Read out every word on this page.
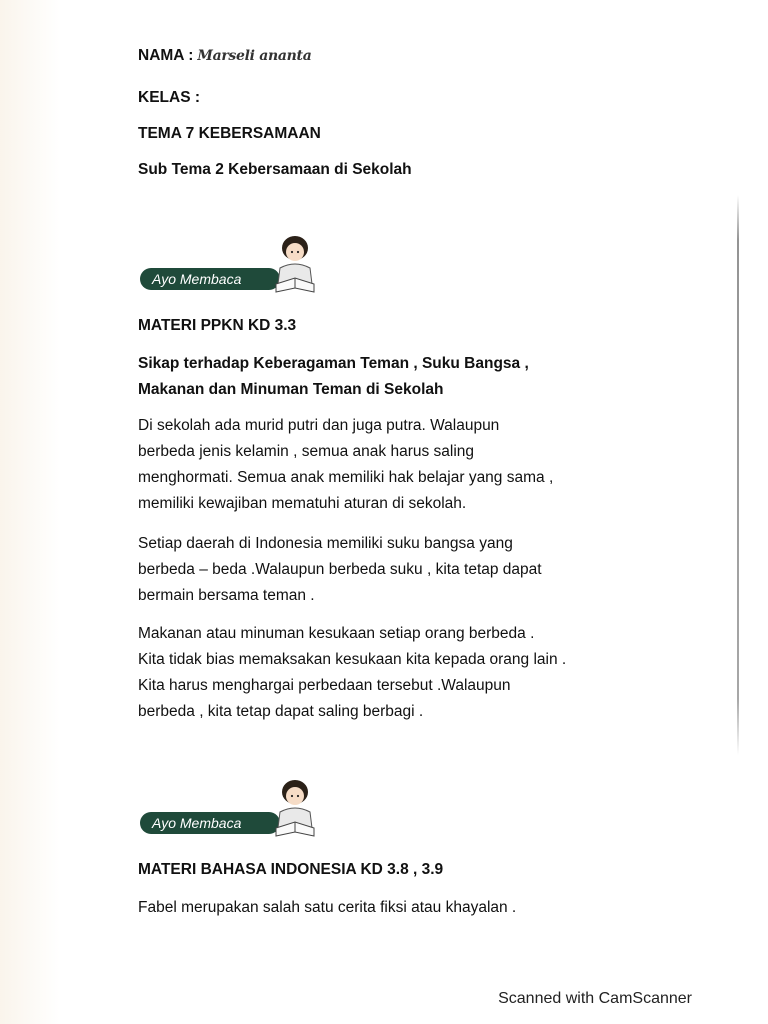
NAMA : Marseli ananta
KELAS :
TEMA 7 KEBERSAMAAN
Sub Tema 2 Kebersamaan di Sekolah
Ayo Membaca
MATERI PPKN KD 3.3
Sikap terhadap Keberagaman Teman , Suku Bangsa ,
Makanan dan Minuman Teman di Sekolah
Di sekolah ada murid putri dan juga putra. Walaupun
berbeda jenis kelamin , semua anak harus saling
menghormati. Semua anak memiliki hak belajar yang sama ,
memiliki kewajiban mematuhi aturan di sekolah.
Setiap daerah di Indonesia memiliki suku bangsa yang
berbeda – beda .Walaupun berbeda suku , kita tetap dapat
bermain bersama teman .
Makanan atau minuman kesukaan setiap orang berbeda .
Kita tidak bias memaksakan kesukaan kita kepada orang lain .
Kita harus menghargai perbedaan tersebut .Walaupun
berbeda , kita tetap dapat saling berbagi .
Ayo Membaca
MATERI BAHASA INDONESIA KD 3.8 , 3.9
Fabel merupakan salah satu cerita fiksi atau khayalan .
Scanned with CamScanner
